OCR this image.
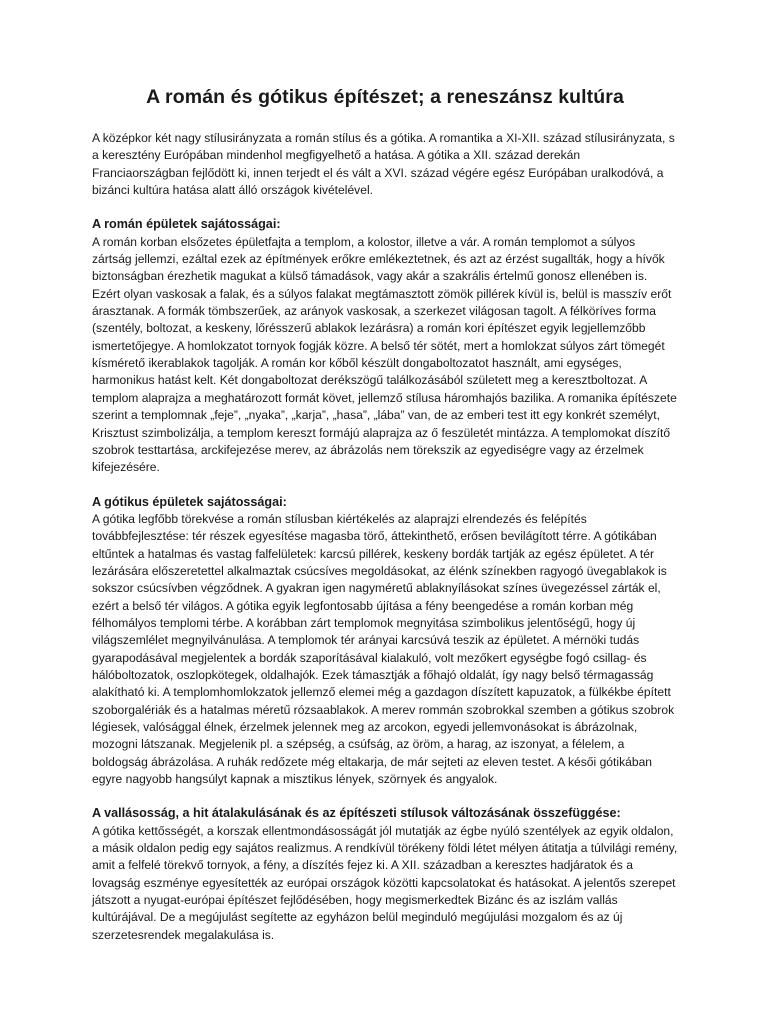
A román és gótikus építészet; a reneszánsz kultúra

A középkor két nagy stílusirányzata a román stílus és a gótika. A romantika a XI-XII. század stílusirányzata, s a keresztény Európában mindenhol megfigyelhető a hatása. A gótika a XII. század derekán Franciaországban fejlődött ki, innen terjedt el és vált a XVI. század végére egész Európában uralkodóvá, a bizánci kultúra hatása alatt álló országok kivételével.

A román épületek sajátosságai:

A román korban elsőzetes épületfajta a templom, a kolostor, illetve a vár. A román templomot a súlyos zártság jellemzi, ezáltal ezek az építmények erőkre emlékeztetnek, és azt az érzést sugallták, hogy a hívők biztonságban érezhetik magukat a külső támadások, vagy akár a szakrális értelmű gonosz ellenében is. Ezért olyan vaskosak a falak, és a súlyos falakat megtámasztott zömök pillérek kívül is, belül is masszív erőt árasztanak. A formák tömbszerűek, az arányok vaskosak, a szerkezet világosan tagolt. A félköríves forma (szentély, boltozat, a keskeny, lőrésszerű ablakok lezárásra) a román kori építészet egyik legjellemzőbb ismertetőjegye. A homlokzatot tornyok fogják közre. A belső tér sötét, mert a homlokzat súlyos zárt tömegét kísmérető ikerablakok tagolják. A román kor kőből készült dongaboltozatot használt, ami egységes, harmonikus hatást kelt. Két dongaboltozat derékszögű találkozásából született meg a keresztboltozat. A templom alaprajza a meghatározott formát követ, jellemző stílusa háromhajós bazilika. A romanika építészete szerint a templomnak „feje”, „nyaka”, „karja”, „hasa”, „lába” van, de az emberi test itt egy konkrét személyt, Krisztust szimbolizálja, a templom kereszt formájú alaprajza az ő feszületét mintázza. A templomokat díszítő szobrok testtartása, arckifejezése merev, az ábrázolás nem törekszik az egyediségre vagy az érzelmek kifejezésére.

A gótikus épületek sajátosságai:

A gótika legfőbb törekvése a román stílusban kiértékelés az alaprajzi elrendezés és felépítés továbbfejlesztése: tér részek egyesítése magasba törő, áttekinthető, erősen bevilágított térre. A gótikában eltűntek a hatalmas és vastag falfelületek: karcsú pillérek, keskeny bordák tartják az egész épületet. A tér lezárására előszeretettel alkalmaztak csúcsíves megoldásokat, az élénk színekben ragyogó üvegablakok is sokszor csúcsívben végződnek. A gyakran igen nagyméretű ablaknyílásokat színes üvegezéssel zárták el, ezért a belső tér világos. A gótika egyik legfontosabb újítása a fény beengedése a román korban még félhomályos templomi térbe. A korábban zárt templomok megnyitása szimbolikus jelentőségű, hogy új világszemlélet megnyilvánulása. A templomok tér arányai karcsúvá teszik az épületet. A mérnöki tudás gyarapodásával megjelentek a bordák szaporításával kialakuló, volt mezőkert egységbe fogó csillag- és hálóboltozatok, oszlopkötegek, oldalhajók. Ezek támasztják a főhajó oldalát, így nagy belső térmagasság alakítható ki. A templomhomlokzatok jellemző elemei még a gazdagon díszített kapuzatok, a fülkékbe épített szoborgalériák és a hatalmas méretű rózsaablakok. A merev rommán szobrokkal szemben a gótikus szobrok légiesek, valósággal élnek, érzelmek jelennek meg az arcokon, egyedi jellemvonásokat is ábrázolnak, mozogni látszanak. Megjelenik pl. a szépség, a csúfság, az öröm, a harag, az iszonyat, a félelem, a boldogság ábrázolása. A ruhák redőzete még eltakarja, de már sejteti az eleven testet. A késői gótikában egyre nagyobb hangsúlyt kapnak a misztikus lények, szörnyek és angyalok.

A vallásosság, a hit átalakulásának és az építészeti stílusok változásának összefüggése:

A gótika kettősségét, a korszak ellentmondásosságát jól mutatják az égbe nyúló szentélyek az egyik oldalon, a másik oldalon pedig egy sajátos realizmus. A rendkívül törékeny földi létet mélyen átitatja a túlvilági remény, amit a felfelé törekvő tornyok, a fény, a díszítés fejez ki. A XII. században a keresztes hadjáratok és a lovagság eszménye egyesítették az európai országok közötti kapcsolatokat és hatásokat. A jelentős szerepet játszott a nyugat-európai építészet fejlődésében, hogy megismerkedtek Bizánc és az iszlám vallás kultúrájával. De a megújulást segítette az egyházon belül meginduló megújulási mozgalom és az új szerzetesrendek megalakulása is.
